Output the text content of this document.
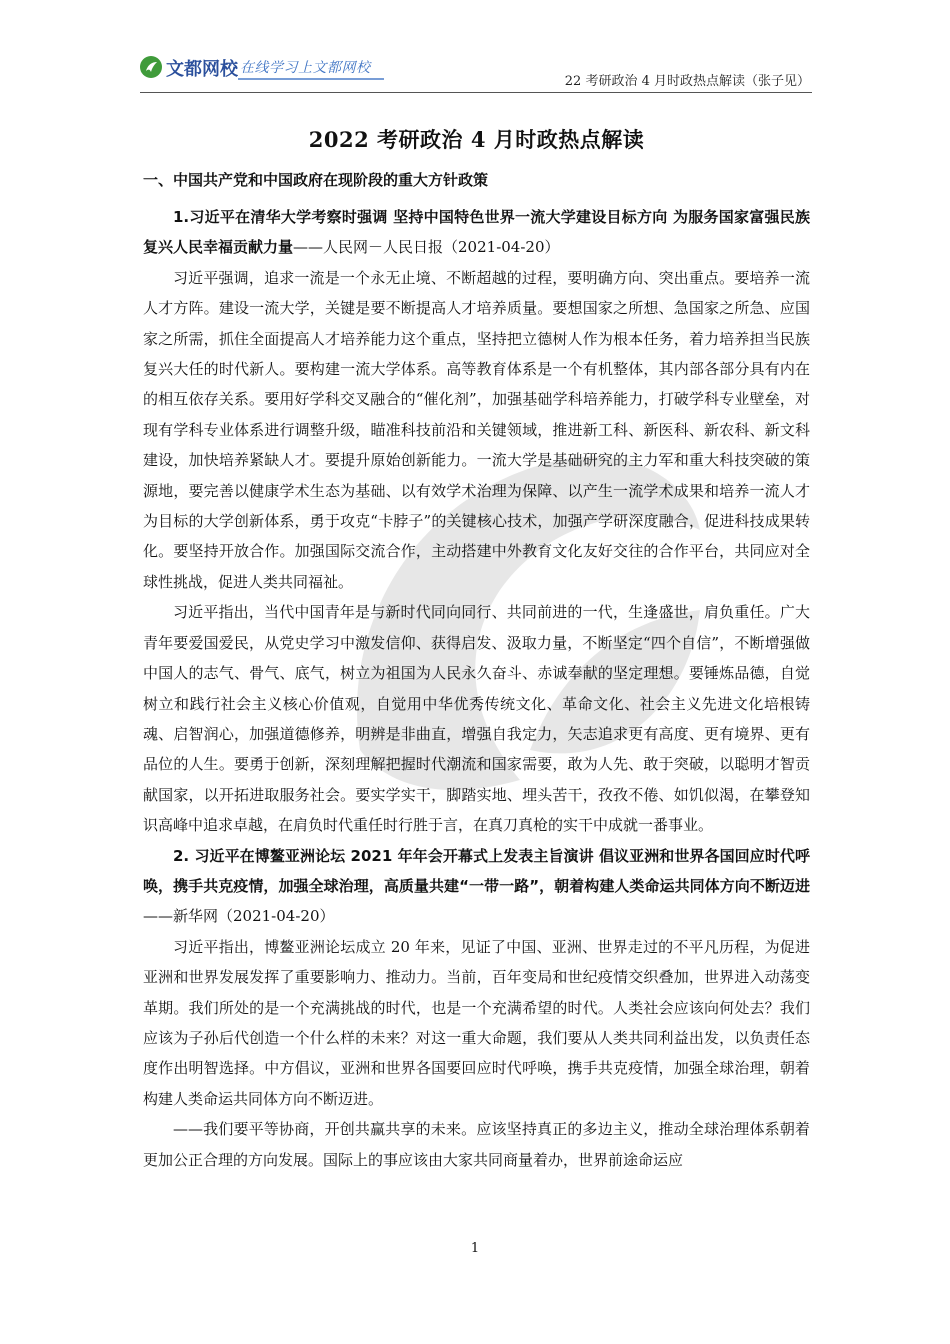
文都网校 在线学习上文都网校
22 考研政治 4 月时政热点解读（张子见）
2022 考研政治 4 月时政热点解读
一、中国共产党和中国政府在现阶段的重大方针政策

1.习近平在清华大学考察时强调 坚持中国特色世界一流大学建设目标方向 为服务国家富强民族复兴人民幸福贡献力量——人民网－人民日报（2021-04-20）

习近平强调，追求一流是一个永无止境、不断超越的过程，要明确方向、突出重点。要培养一流人才方阵。建设一流大学，关键是要不断提高人才培养质量。要想国家之所想、急国家之所急、应国家之所需，抓住全面提高人才培养能力这个重点，坚持把立德树人作为根本任务，着力培养担当民族复兴大任的时代新人。要构建一流大学体系。高等教育体系是一个有机整体，其内部各部分具有内在的相互依存关系。要用好学科交叉融合的“催化剂”，加强基础学科培养能力，打破学科专业壁垒，对现有学科专业体系进行调整升级，瞄准科技前沿和关键领域，推进新工科、新医科、新农科、新文科建设，加快培养紧缺人才。要提升原始创新能力。一流大学是基础研究的主力军和重大科技突破的策源地，要完善以健康学术生态为基础、以有效学术治理为保障、以产生一流学术成果和培养一流人才为目标的大学创新体系，勇于攻克“卡脖子”的关键核心技术，加强产学研深度融合，促进科技成果转化。要坚持开放合作。加强国际交流合作，主动搭建中外教育文化友好交往的合作平台，共同应对全球性挑战，促进人类共同福祉。

习近平指出，当代中国青年是与新时代同向同行、共同前进的一代，生逢盛世，肩负重任。广大青年要爱国爱民，从党史学习中激发信仰、获得启发、汲取力量，不断坚定“四个自信”，不断增强做中国人的志气、骨气、底气，树立为祖国为人民永久奋斗、赤诚奉献的坚定理想。要锤炼品德，自觉树立和践行社会主义核心价值观，自觉用中华优秀传统文化、革命文化、社会主义先进文化培根铸魂、启智润心，加强道德修养，明辨是非曲直，增强自我定力，矢志追求更有高度、更有境界、更有品位的人生。要勇于创新，深刻理解把握时代潮流和国家需要，敢为人先、敢于突破，以聪明才智贡献国家，以开拓进取服务社会。要实学实干，脚踏实地、埋头苦干，孜孜不倦、如饥似渴，在攀登知识高峰中追求卓越，在肩负时代重任时行胜于言，在真刀真枪的实干中成就一番事业。

2. 习近平在博鳌亚洲论坛 2021 年年会开幕式上发表主旨演讲 倡议亚洲和世界各国回应时代呼唤，携手共克疫情，加强全球治理，高质量共建“一带一路”，朝着构建人类命运共同体方向不断迈进——新华网（2021-04-20）

习近平指出，博鳌亚洲论坛成立 20 年来，见证了中国、亚洲、世界走过的不平凡历程，为促进亚洲和世界发展发挥了重要影响力、推动力。当前，百年变局和世纪疫情交织叠加，世界进入动荡变革期。我们所处的是一个充满挑战的时代，也是一个充满希望的时代。人类社会应该向何处去？我们应该为子孙后代创造一个什么样的未来？对这一重大命题，我们要从人类共同利益出发，以负责任态度作出明智选择。中方倡议，亚洲和世界各国要回应时代呼唤，携手共克疫情，加强全球治理，朝着构建人类命运共同体方向不断迈进。

——我们要平等协商，开创共赢共享的未来。应该坚持真正的多边主义，推动全球治理体系朝着更加公正合理的方向发展。国际上的事应该由大家共同商量着办，世界前途命运应

1
